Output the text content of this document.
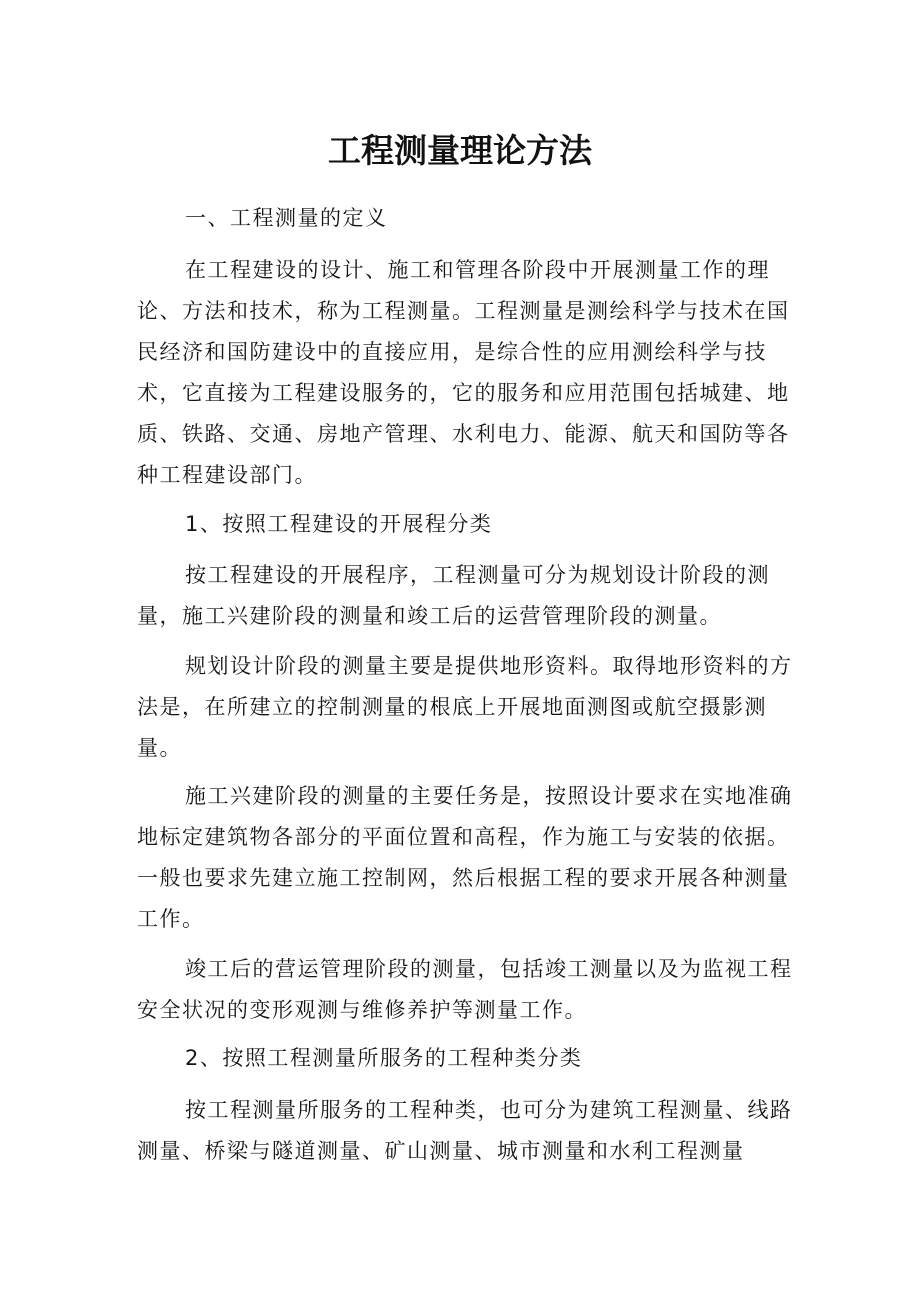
工程测量理论方法

一、工程测量的定义

在工程建设的设计、施工和管理各阶段中开展测量工作的理论、方法和技术，称为工程测量。工程测量是测绘科学与技术在国民经济和国防建设中的直接应用，是综合性的应用测绘科学与技术，它直接为工程建设服务的，它的服务和应用范围包括城建、地质、铁路、交通、房地产管理、水利电力、能源、航天和国防等各种工程建设部门。

1、按照工程建设的开展程分类

按工程建设的开展程序，工程测量可分为规划设计阶段的测量，施工兴建阶段的测量和竣工后的运营管理阶段的测量。

规划设计阶段的测量主要是提供地形资料。取得地形资料的方法是，在所建立的控制测量的根底上开展地面测图或航空摄影测量。

施工兴建阶段的测量的主要任务是，按照设计要求在实地准确地标定建筑物各部分的平面位置和高程，作为施工与安装的依据。一般也要求先建立施工控制网，然后根据工程的要求开展各种测量工作。

竣工后的营运管理阶段的测量，包括竣工测量以及为监视工程安全状况的变形观测与维修养护等测量工作。

2、按照工程测量所服务的工程种类分类

按工程测量所服务的工程种类，也可分为建筑工程测量、线路测量、桥梁与隧道测量、矿山测量、城市测量和水利工程测量
